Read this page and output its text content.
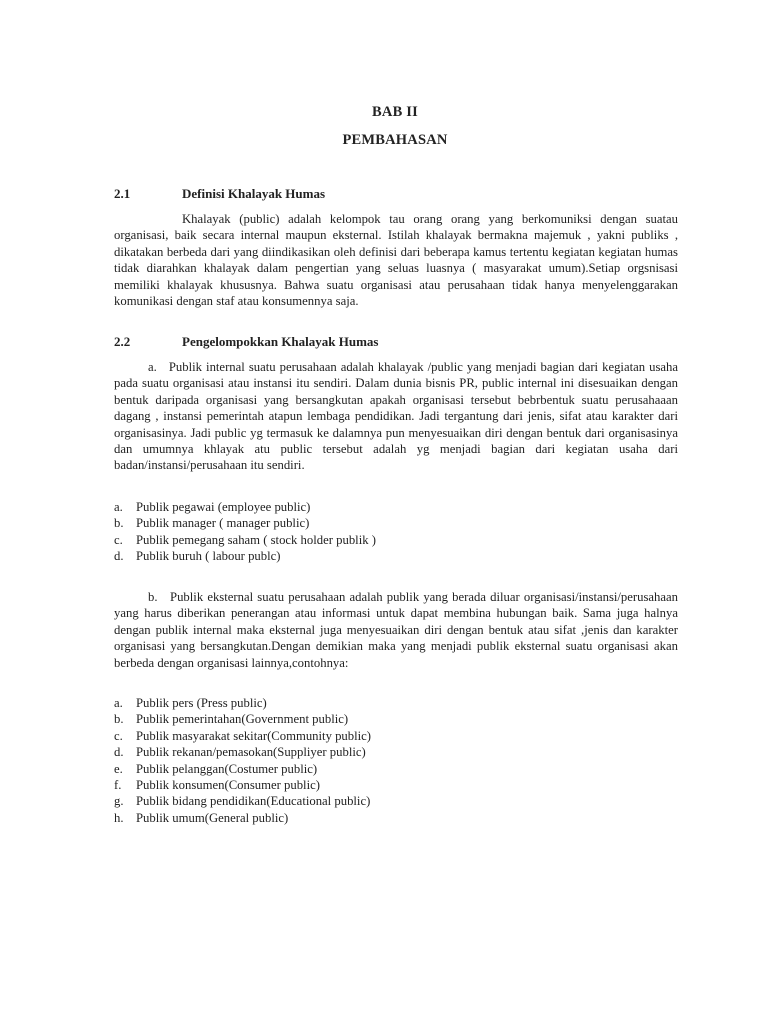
BAB II
PEMBAHASAN
2.1	Definisi Khalayak Humas

Khalayak (public) adalah kelompok tau orang orang yang berkomuniksi dengan suatau organisasi, baik secara internal maupun eksternal. Istilah khalayak bermakna majemuk , yakni publiks , dikatakan berbeda dari yang diindikasikan oleh definisi dari beberapa kamus tertentu kegiatan kegiatan humas tidak diarahkan khalayak dalam pengertian yang seluas luasnya ( masyarakat umum).Setiap orgsnisasi memiliki khalayak khususnya. Bahwa suatu organisasi atau perusahaan tidak hanya menyelenggarakan komunikasi dengan staf atau konsumennya saja.

2.2	Pengelompokkan Khalayak Humas

a.   Publik internal suatu perusahaan adalah khalayak /public yang menjadi bagian dari kegiatan usaha pada suatu organisasi atau instansi itu sendiri. Dalam dunia bisnis PR, public internal ini disesuaikan dengan bentuk daripada organisasi yang bersangkutan apakah organisasi tersebut bebrbentuk suatu perusahaaan dagang , instansi pemerintah atapun lembaga pendidikan. Jadi tergantung dari jenis, sifat atau karakter dari organisasinya. Jadi public yg termasuk ke dalamnya pun menyesuaikan diri dengan bentuk dari organisasinya dan umumnya khlayak atu public tersebut adalah yg menjadi bagian dari kegiatan usaha dari badan/instansi/perusahaan itu sendiri.

a. Publik pegawai (employee public)
b. Publik manager ( manager public)
c. Publik pemegang saham ( stock holder publik )
d. Publik buruh ( labour publc)

b.   Publik eksternal suatu perusahaan adalah publik yang berada diluar organisasi/instansi/perusahaan yang harus diberikan penerangan atau informasi untuk dapat membina hubungan baik. Sama juga halnya dengan publik internal maka eksternal juga menyesuaikan diri dengan bentuk atau sifat ,jenis dan karakter organisasi yang bersangkutan.Dengan demikian maka yang menjadi publik eksternal suatu organisasi akan berbeda dengan organisasi lainnya,contohnya:

a. Publik pers (Press public)
b. Publik pemerintahan(Government public)
c. Publik masyarakat sekitar(Community public)
d. Publik rekanan/pemasokan(Suppliyer public)
e. Publik pelanggan(Costumer public)
f. Publik konsumen(Consumer public)
g. Publik bidang pendidikan(Educational public)
h. Publik umum(General public)
